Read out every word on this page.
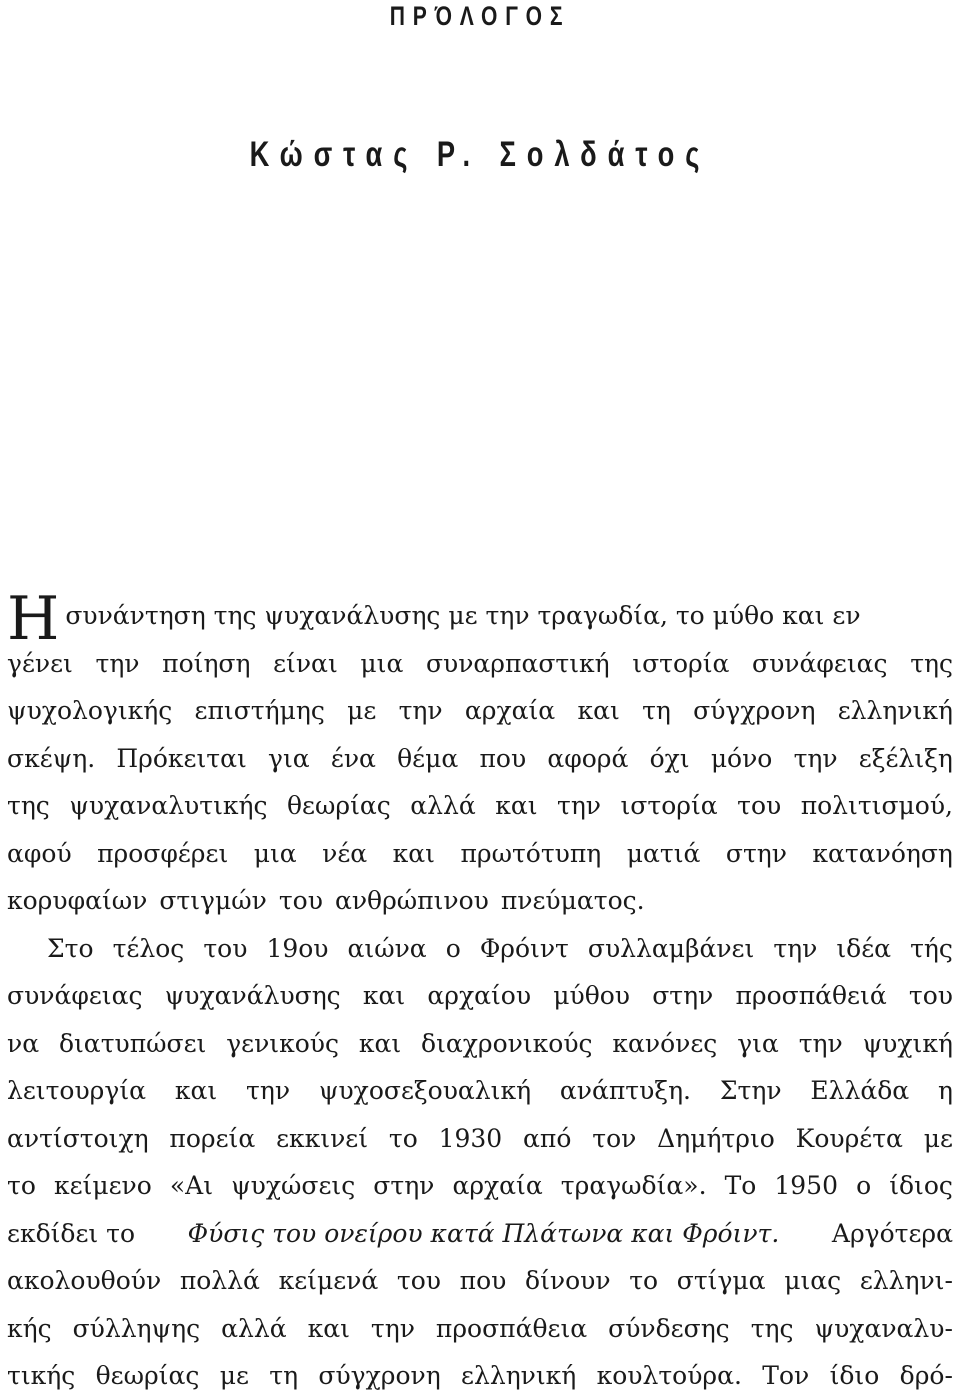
ΠΡΌΛΟΓΟΣ
Κώστας Ρ. Σολδάτος
Ησυνάντηση της ψυχανάλυσης με την τραγωδία, το μύθο και εν
γένει την ποίηση είναι μια συναρπαστική ιστορία συνάφειας της
ψυχολογικής επιστήμης με την αρχαία και τη σύγχρονη ελληνική
σκέψη. Πρόκειται για ένα θέμα που αφορά όχι μόνο την εξέλιξη
της ψυχαναλυτικής θεωρίας αλλά και την ιστορία του πολιτισμού,
αφού προσφέρει μια νέα και πρωτότυπη ματιά στην κατανόηση
κορυφαίων στιγμών του ανθρώπινου πνεύματος.
Στο τέλος του 19ου αιώνα ο Φρόιντ συλλαμβάνει την ιδέα τής
συνάφειας ψυχανάλυσης και αρχαίου μύθου στην προσπάθειά του
να διατυπώσει γενικούς και διαχρονικούς κανόνες για την ψυχική
λειτουργία και την ψυχοσεξουαλική ανάπτυξη. Στην Ελλάδα η
αντίστοιχη πορεία εκκινεί το 1930 από τον Δημήτριο Κουρέτα με
το κείμενο «Αι ψυχώσεις στην αρχαία τραγωδία». Το 1950 ο ίδιος
εκδίδει το Φύσις του ονείρου κατά Πλάτωνα και Φρόιντ. Αργότερα
ακολουθούν πολλά κείμενά του που δίνουν το στίγμα μιας ελληνι-
κής σύλληψης αλλά και την προσπάθεια σύνδεσης της ψυχαναλυ-
τικής θεωρίας με τη σύγχρονη ελληνική κουλτούρα. Τον ίδιο δρό-
